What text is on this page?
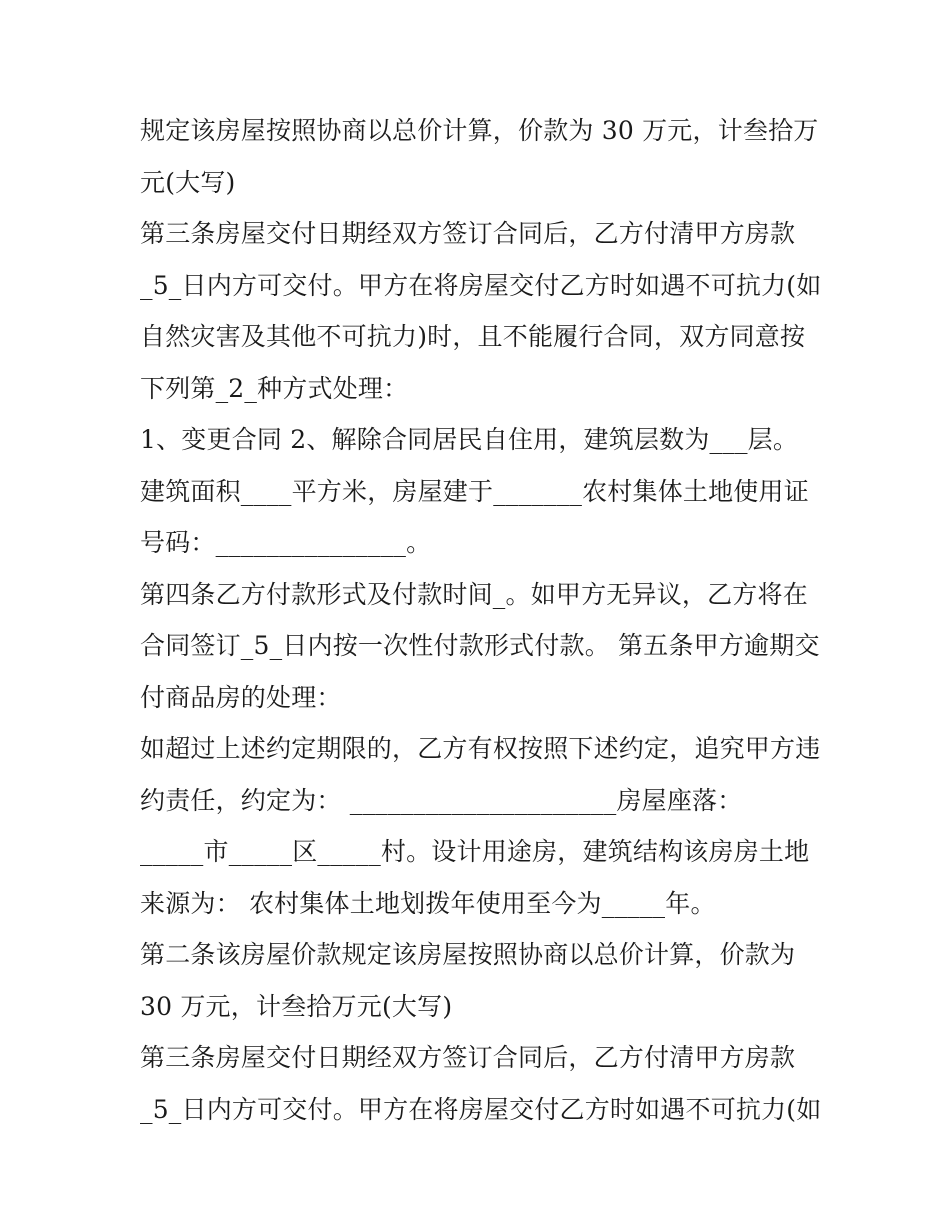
规定该房屋按照协商以总价计算，价款为 30 万元，计叁拾万
元(大写)
第三条房屋交付日期经双方签订合同后，乙方付清甲方房款
_5_日内方可交付。甲方在将房屋交付乙方时如遇不可抗力(如
自然灾害及其他不可抗力)时，且不能履行合同，双方同意按
下列第_2_种方式处理：
1、变更合同 2、解除合同居民自住用，建筑层数为___层。
建筑面积____平方米，房屋建于_______农村集体土地使用证
号码：_______________。
第四条乙方付款形式及付款时间_。如甲方无异议，乙方将在
合同签订_5_日内按一次性付款形式付款。 第五条甲方逾期交
付商品房的处理：
如超过上述约定期限的，乙方有权按照下述约定，追究甲方违
约责任，约定为： _____________________房屋座落：
_____市_____区_____村。设计用途房，建筑结构该房房土地
来源为： 农村集体土地划拨年使用至今为_____年。
第二条该房屋价款规定该房屋按照协商以总价计算，价款为
30 万元，计叁拾万元(大写)
第三条房屋交付日期经双方签订合同后，乙方付清甲方房款
_5_日内方可交付。甲方在将房屋交付乙方时如遇不可抗力(如
